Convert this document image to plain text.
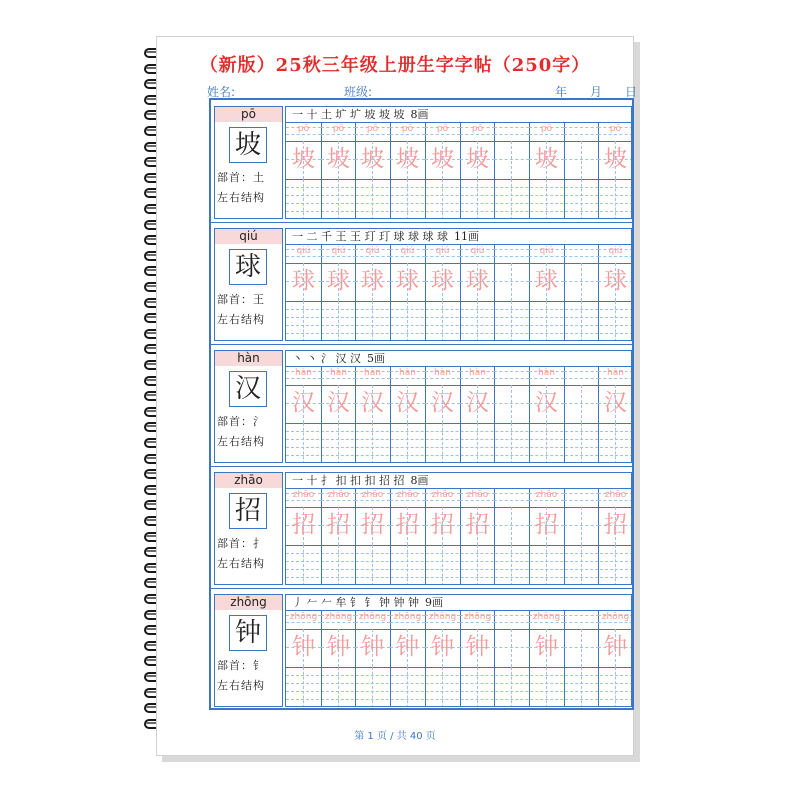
（新版）25秋三年级上册生字字帖（250字）
姓名:	班级:	年 月 日
pō
坡
部首：土
左右结构
一 十 土 圹 圹 坡 坡 坡 8画
pō
坡
pō
坡
pō
坡
pō
坡
pō
坡
pō
坡
pō
坡
pō
坡
qiú
球
部首：王
左右结构
一 二 千 王 王 玎 玎 球 球 球 球 11画
qiú
球
qiú
球
qiú
球
qiú
球
qiú
球
qiú
球
qiú
球
qiú
球
hàn
汉
部首：氵
左右结构
丶 丶 氵 汉 汉 5画
hàn
汉
hàn
汉
hàn
汉
hàn
汉
hàn
汉
hàn
汉
hàn
汉
hàn
汉
zhāo
招
部首：扌
左右结构
一 十 扌 扣 扣 扣 招 招 8画
zhāo
招
zhāo
招
zhāo
招
zhāo
招
zhāo
招
zhāo
招
zhāo
招
zhāo
招
zhōng
钟
部首：钅
左右结构
丿 𠂉 𠂉 牟 钅 钅 钟 钟 钟 9画
zhōng
钟
zhōng
钟
zhōng
钟
zhōng
钟
zhōng
钟
zhōng
钟
zhōng
钟
zhōng
钟
第 1 页 / 共 40 页
